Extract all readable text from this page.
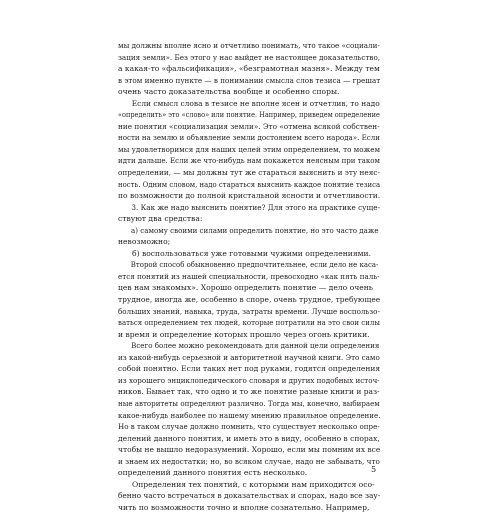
мы должны вполне ясно и отчетливо понимать, что такое «социали-
зация земли». Без этого у нас выйдет не настоящее доказательство,
а какая-то «фальсификация», «безграмотная мазня». Между тем
в этом именно пункте — в понимании смысла слов тезиса — грешат
очень часто доказательства вообще и особенно споры.
Если смысл слова в тезисе не вполне ясен и отчетлив, то надо
«определить» это «слово» или понятие. Например, приведем определение
ние понятия «социализация земли». Это «отмена всякой собствен-
ности на землю и объявление земли достоянием всего народа». Если
мы удовлетворимся для наших целей этим определением, то можем
идти дальше. Если же что-нибудь нам покажется неясным при таком
определении, — мы должны тут же стараться выяснить и эту неяс-
ность. Одним словом, надо стараться выяснить каждое понятие тезиса
по возможности до полной кристальной ясности и отчетливости.
3. Как же надо выяснить понятие? Для этого на практике суще-
ствуют два средства:
а) самому своими силами определить понятие, но это часто даже
невозможно;
б) воспользоваться уже готовыми чужими определениями.
Второй способ обыкновенно предпочтительнее, если дело не каса-
ется понятий из нашей специальности, превосходно «как пять паль-
цев нам знакомых». Хорошо определить понятие — дело очень
трудное, иногда же, особенно в споре, очень трудное, требующее
больших знаний, навыка, труда, затраты времени. Лучше воспользо-
ваться определением тех людей, которые потратили на это свои силы
и время и определение которых прошло через огонь критики.
Всего более можно рекомендовать для данной цели определения
из какой-нибудь серьезной и авторитетной научной книги. Это само
собой понятно. Если таких нет под руками, годятся определения
из хорошего энциклопедического словаря и других подобных источ-
ников. Бывает так, что одно и то же понятие разные книги и раз-
ные авторитеты определяют различно. Тогда мы, конечно, выбираем
какое-нибудь наиболее по нашему мнению правильное определение.
Но в таком случае должно помнить, что существует несколько опре-
делений данного понятия, и иметь это в виду, особенно в спорах,
чтобы не вышло недоразумений. Хорошо, если мы помним их все
и знаем их недостатки; но, во всяком случае, надо не забывать, что
определений данного понятия есть несколько.
Определения тех понятий, с которыми нам приходится осо-
бенно часто встречаться в доказательствах и спорах, надо все зау-
чить по возможности точно и вполне сознательно. Например,
5
